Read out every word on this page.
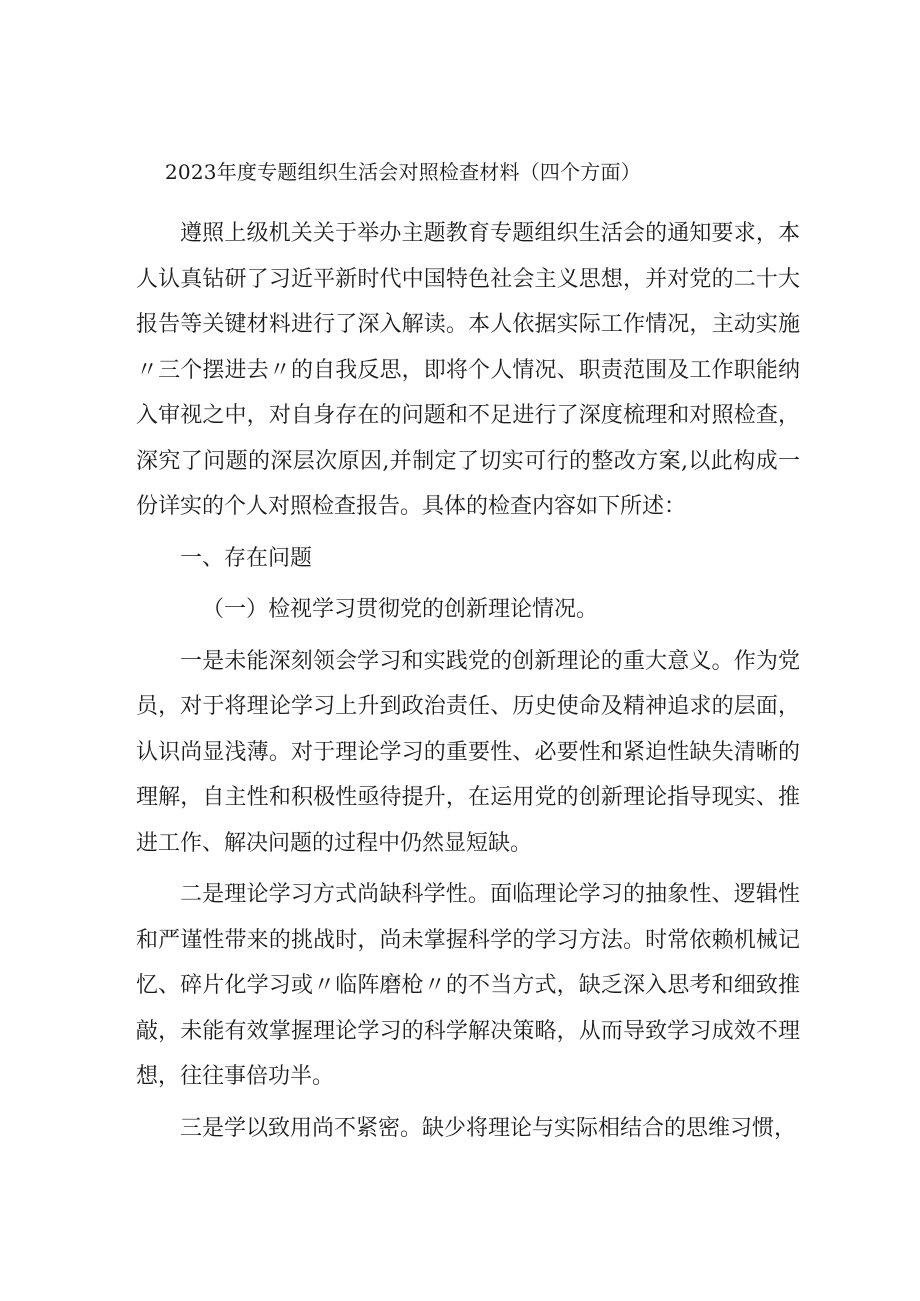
2023年度专题组织生活会对照检查材料（四个方面）

遵照上级机关关于举办主题教育专题组织生活会的通知要求，本人认真钻研了习近平新时代中国特色社会主义思想，并对党的二十大报告等关键材料进行了深入解读。本人依据实际工作情况，主动实施〃三个摆进去〃的自我反思，即将个人情况、职责范围及工作职能纳入审视之中，对自身存在的问题和不足进行了深度梳理和对照检查，深究了问题的深层次原因,并制定了切实可行的整改方案,以此构成一份详实的个人对照检查报告。具体的检查内容如下所述：

一、存在问题

（一）检视学习贯彻党的创新理论情况。

一是未能深刻领会学习和实践党的创新理论的重大意义。作为党员，对于将理论学习上升到政治责任、历史使命及精神追求的层面，认识尚显浅薄。对于理论学习的重要性、必要性和紧迫性缺失清晰的理解，自主性和积极性亟待提升，在运用党的创新理论指导现实、推进工作、解决问题的过程中仍然显短缺。

二是理论学习方式尚缺科学性。面临理论学习的抽象性、逻辑性和严谨性带来的挑战时，尚未掌握科学的学习方法。时常依赖机械记忆、碎片化学习或〃临阵磨枪〃的不当方式，缺乏深入思考和细致推敲，未能有效掌握理论学习的科学解决策略，从而导致学习成效不理想，往往事倍功半。

三是学以致用尚不紧密。缺少将理论与实际相结合的思维习惯，
